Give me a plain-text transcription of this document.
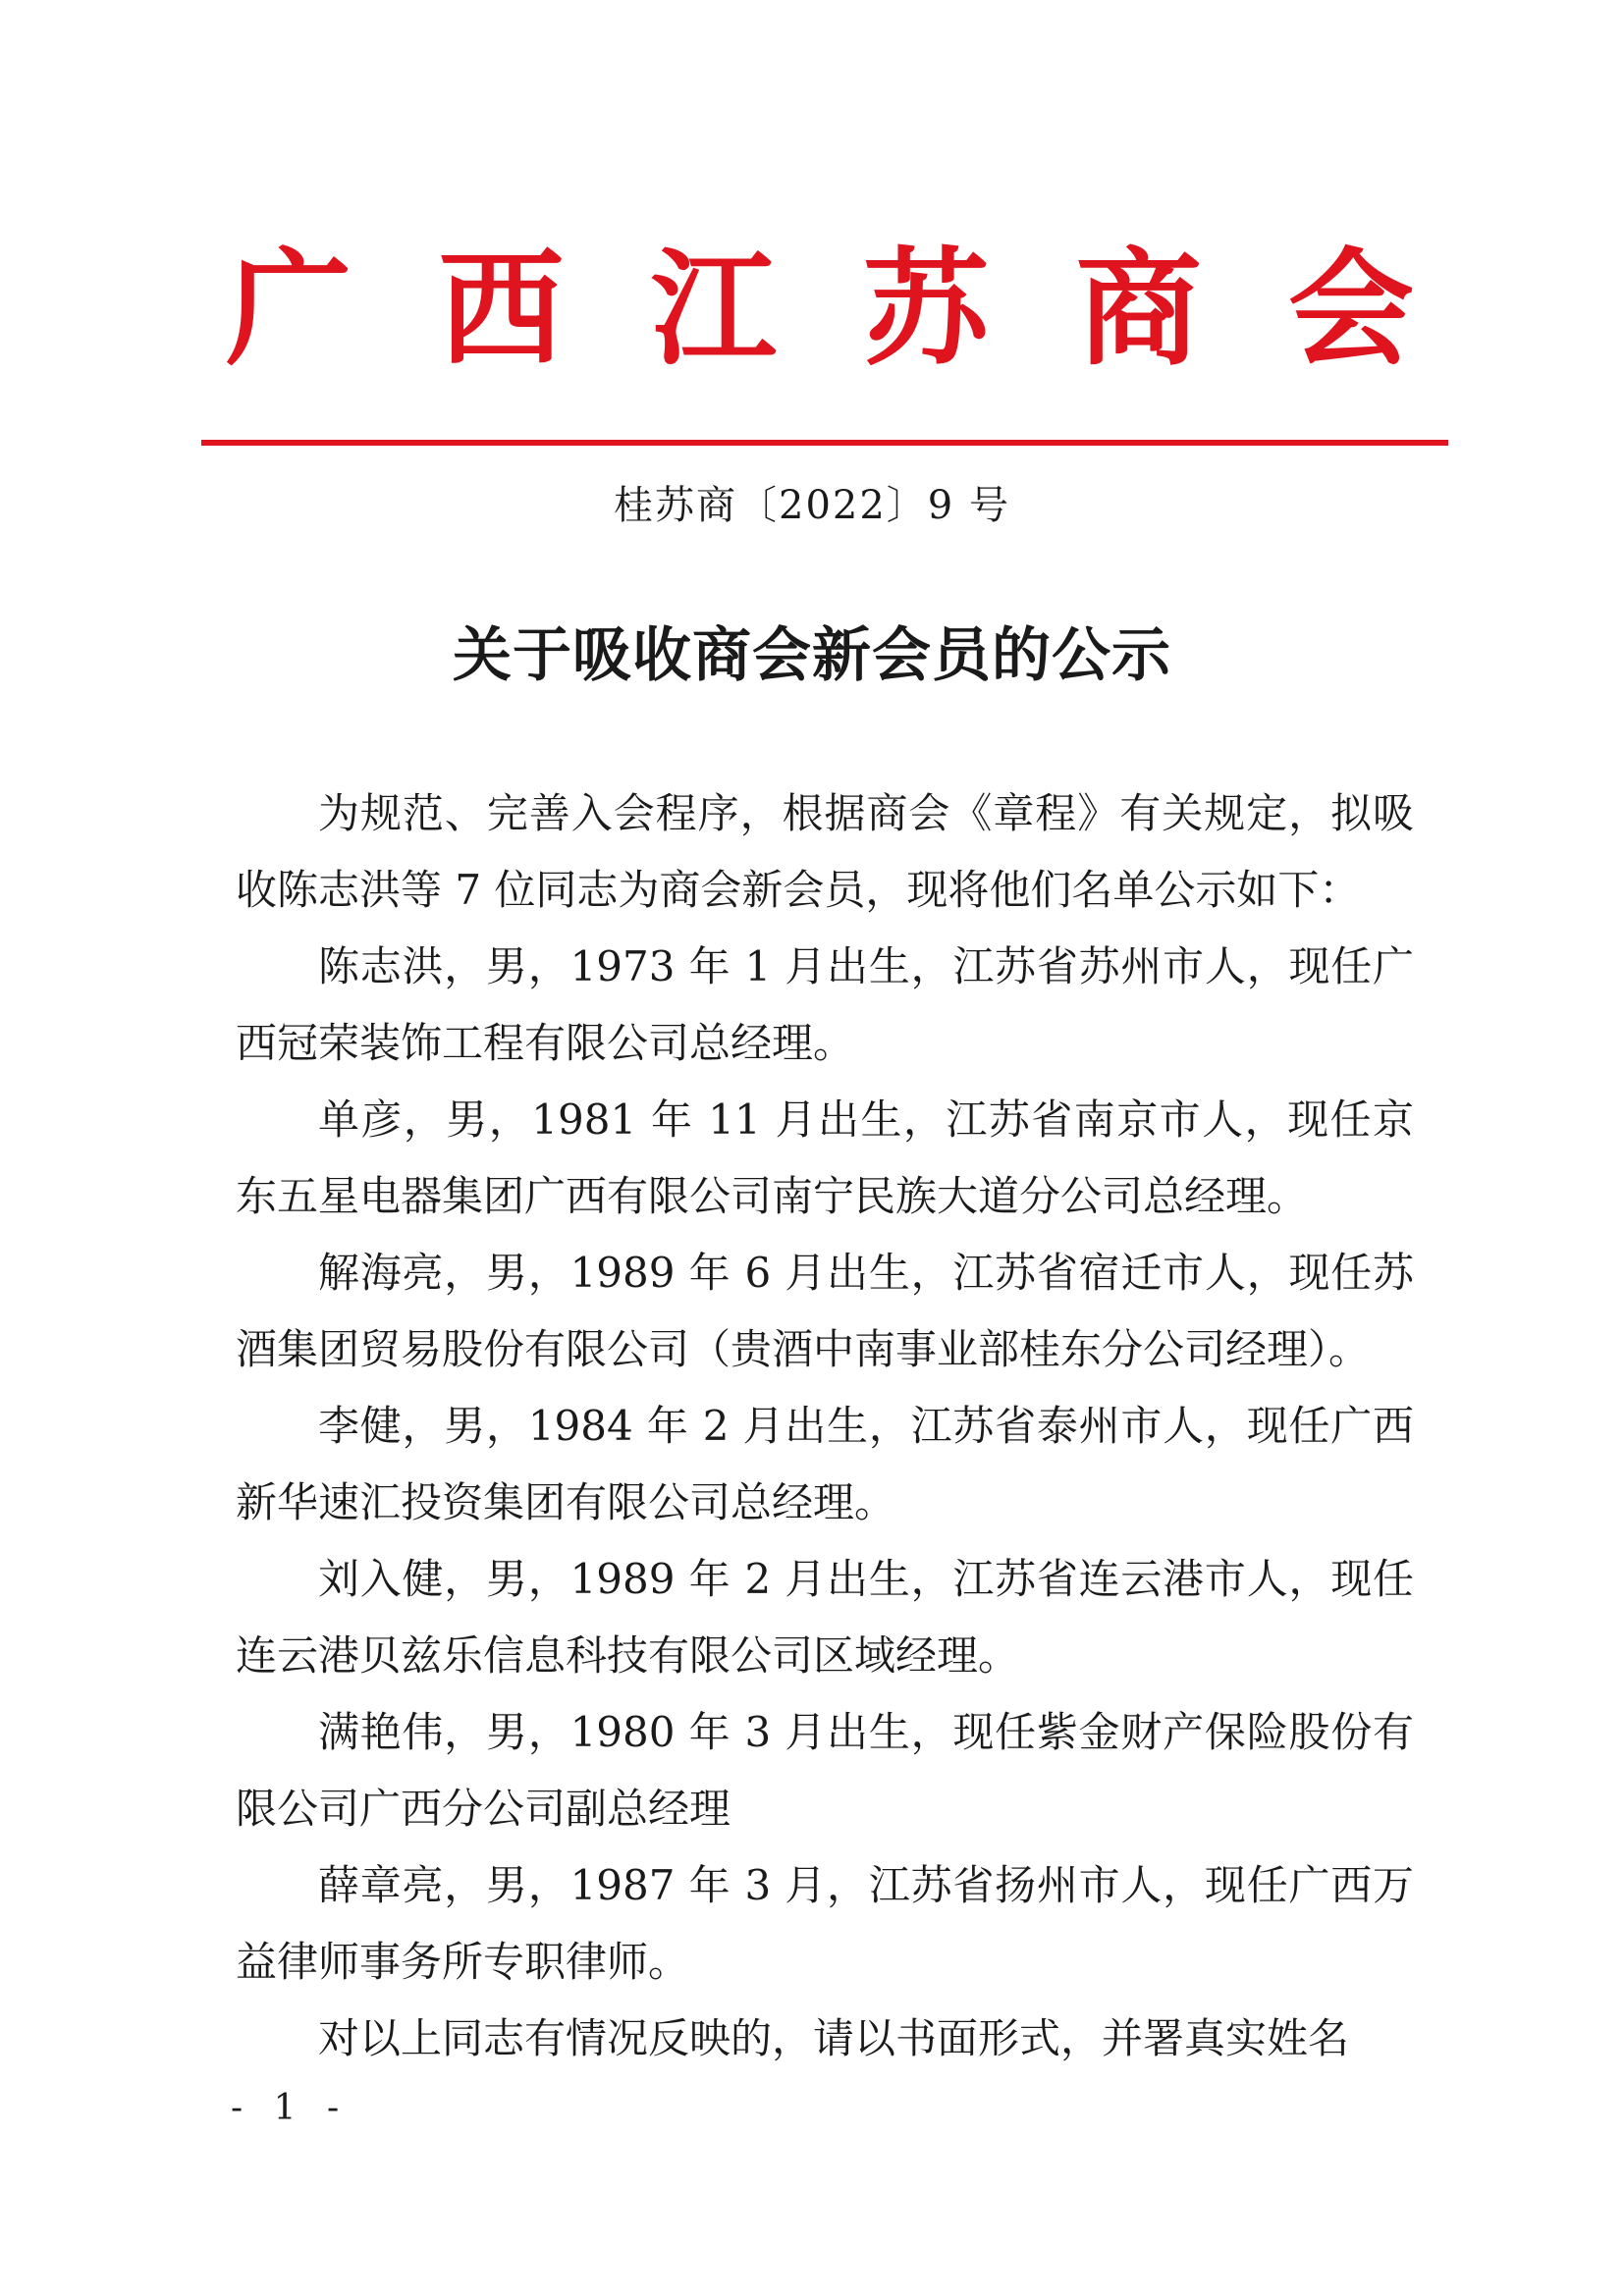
广 西 江 苏 商 会
桂苏商〔2022〕9 号
关于吸收商会新会员的公示

为规范、完善入会程序，根据商会《章程》有关规定，拟吸收陈志洪等 7 位同志为商会新会员，现将他们名单公示如下：

陈志洪，男，1973 年 1 月出生，江苏省苏州市人，现任广西冠荣装饰工程有限公司总经理。

单彦，男，1981 年 11 月出生，江苏省南京市人，现任京东五星电器集团广西有限公司南宁民族大道分公司总经理。

解海亮，男，1989 年 6 月出生，江苏省宿迁市人，现任苏酒集团贸易股份有限公司（贵酒中南事业部桂东分公司经理）。

李健，男，1984 年 2 月出生，江苏省泰州市人，现任广西新华速汇投资集团有限公司总经理。

刘入健，男，1989 年 2 月出生，江苏省连云港市人，现任连云港贝兹乐信息科技有限公司区域经理。

满艳伟，男，1980 年 3 月出生，现任紫金财产保险股份有限公司广西分公司副总经理

薛章亮，男，1987 年 3 月，江苏省扬州市人，现任广西万益律师事务所专职律师。

对以上同志有情况反映的，请以书面形式，并署真实姓名

- 1 -
